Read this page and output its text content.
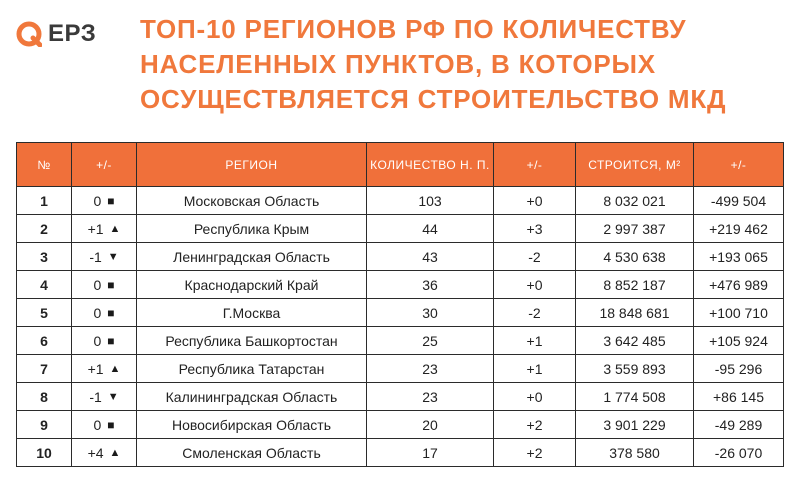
ЕРЗ ТОП-10 РЕГИОНОВ РФ ПО КОЛИЧЕСТВУ
НАСЕЛЕННЫХ ПУНКТОВ, В КОТОРЫХ
ОСУЩЕСТВЛЯЕТСЯ СТРОИТЕЛЬСТВО МКД
№	+/-	РЕГИОН	КОЛИЧЕСТВО Н. П.	+/-	СТРОИТСЯ, М²	+/-
1	0 ■	Московская Область	103	+0	8 032 021	-499 504
2	+1 ▲	Республика Крым	44	+3	2 997 387	+219 462
3	-1 ▼	Ленинградская Область	43	-2	4 530 638	+193 065
4	0 ■	Краснодарский Край	36	+0	8 852 187	+476 989
5	0 ■	Г.Москва	30	-2	18 848 681	+100 710
6	0 ■	Республика Башкортостан	25	+1	3 642 485	+105 924
7	+1 ▲	Республика Татарстан	23	+1	3 559 893	-95 296
8	-1 ▼	Калининградская Область	23	+0	1 774 508	+86 145
9	0 ■	Новосибирская Область	20	+2	3 901 229	-49 289
10	+4 ▲	Смоленская Область	17	+2	378 580	-26 070
